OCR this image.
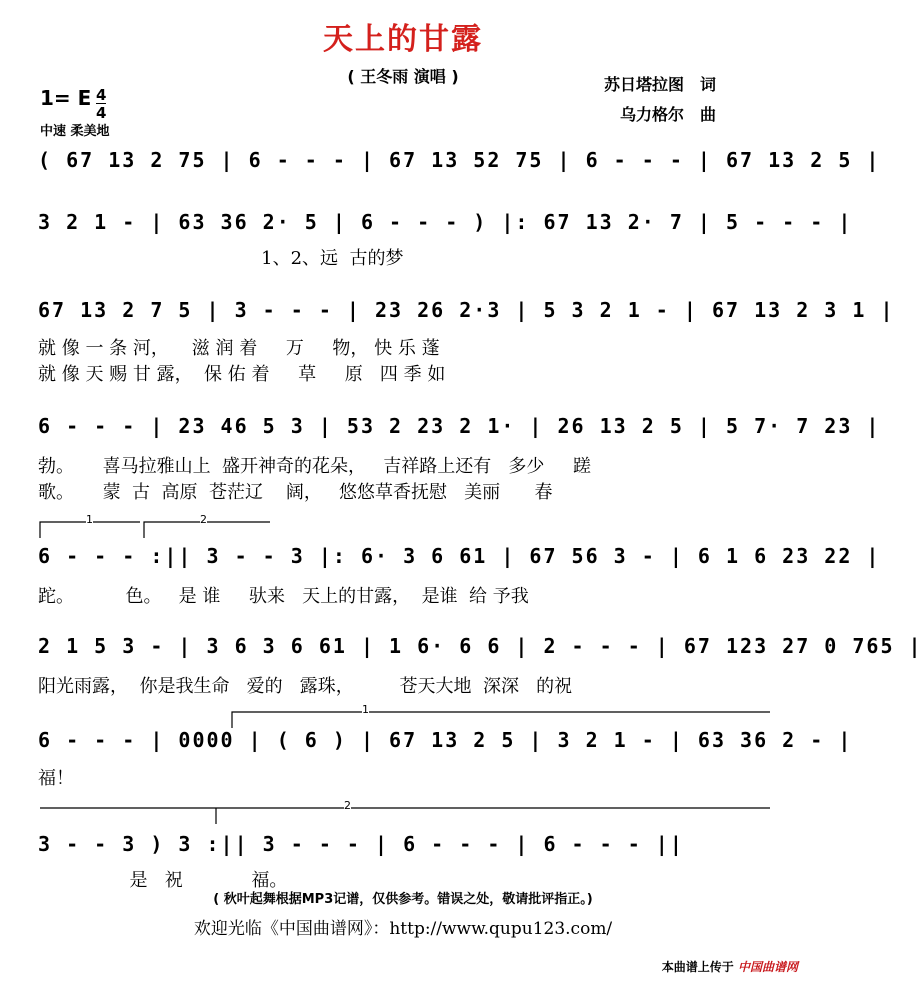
天上的甘露
( 王冬雨 演唱 )	苏日塔拉图　词
乌力格尔　曲
1= E 4
4
中速 柔美地
( 67 13 2 75 | 6 - - - | 67 13 52 75 | 6 - - - | 67 13 2 5 |
3 2 1 - | 63 36 2· 5 | 6 - - - ) |: 67 13 2· 7 | 5 - - - |
1、2、远  古的梦
67 13 2 7 5 | 3 - - - | 23 26 2·3 | 5 3 2 1 - | 67 13 2 3 1 |
就 像 一 条 河，    滋 润 着     万     物， 快 乐 蓬
就 像 天 赐 甘 露，  保 佑 着     草     原   四 季 如
6 - - - | 23 46 5 3 | 53 2 23 2 1· | 26 13 2 5 | 5 7· 7 23 |
勃。     喜马拉雅山上  盛开神奇的花朵，   吉祥路上还有   多少     蹉
歌。     蒙  古  高原  苍茫辽    阔，   悠悠草香抚慰   美丽      春
6 - - - :|| 3 - - 3 |: 6· 3 6 61 | 67 56 3 - | 6 1 6 23 22 |
跎。         色。   是 谁     驮来   天上的甘露，  是谁  给 予我
2 1 5 3 - | 3 6 3 6 61 | 1 6· 6 6 | 2 - - - | 67 123 27 0 765 |
阳光雨露，  你是我生命   爱的   露珠，        苍天大地  深深   的祝
6 - - - | 0000 | ( 6 ) | 67 13 2 5 | 3 2 1 - | 63 36 2 - |
福！
3 - - 3 ) 3 :|| 3 - - - | 6 - - - | 6 - - - ||
是   祝            福。
1	2
1
2
( 秋叶起舞根据MP3记谱，仅供参考。错误之处，敬请批评指正。)
欢迎光临《中国曲谱网》：http://www.qupu123.com/
本曲谱上传于 中国曲谱网
